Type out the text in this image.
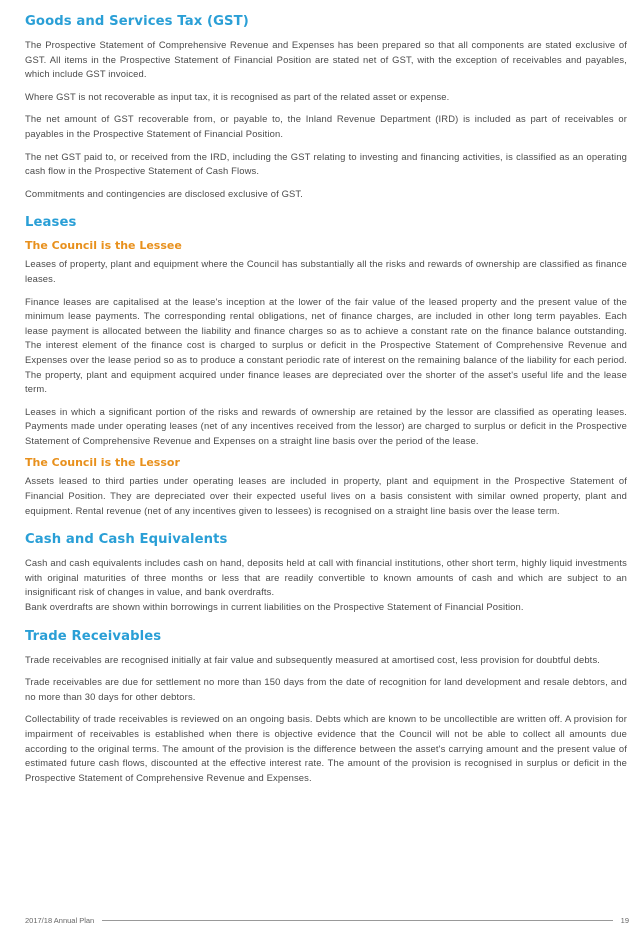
Goods and Services Tax (GST)

The Prospective Statement of Comprehensive Revenue and Expenses has been prepared so that all components are stated exclusive of GST. All items in the Prospective Statement of Financial Position are stated net of GST, with the exception of receivables and payables, which include GST invoiced.

Where GST is not recoverable as input tax, it is recognised as part of the related asset or expense.

The net amount of GST recoverable from, or payable to, the Inland Revenue Department (IRD) is included as part of receivables or payables in the Prospective Statement of Financial Position.

The net GST paid to, or received from the IRD, including the GST relating to investing and financing activities, is classified as an operating cash flow in the Prospective Statement of Cash Flows.

Commitments and contingencies are disclosed exclusive of GST.

Leases
The Council is the Lessee

Leases of property, plant and equipment where the Council has substantially all the risks and rewards of ownership are classified as finance leases.

Finance leases are capitalised at the lease's inception at the lower of the fair value of the leased property and the present value of the minimum lease payments. The corresponding rental obligations, net of finance charges, are included in other long term payables. Each lease payment is allocated between the liability and finance charges so as to achieve a constant rate on the finance balance outstanding. The interest element of the finance cost is charged to surplus or deficit in the Prospective Statement of Comprehensive Revenue and Expenses over the lease period so as to produce a constant periodic rate of interest on the remaining balance of the liability for each period. The property, plant and equipment acquired under finance leases are depreciated over the shorter of the asset's useful life and the lease term.

Leases in which a significant portion of the risks and rewards of ownership are retained by the lessor are classified as operating leases. Payments made under operating leases (net of any incentives received from the lessor) are charged to surplus or deficit in the Prospective Statement of Comprehensive Revenue and Expenses on a straight line basis over the period of the lease.

The Council is the Lessor

Assets leased to third parties under operating leases are included in property, plant and equipment in the Prospective Statement of Financial Position. They are depreciated over their expected useful lives on a basis consistent with similar owned property, plant and equipment. Rental revenue (net of any incentives given to lessees) is recognised on a straight line basis over the lease term.

Cash and Cash Equivalents

Cash and cash equivalents includes cash on hand, deposits held at call with financial institutions, other short term, highly liquid investments with original maturities of three months or less that are readily convertible to known amounts of cash and which are subject to an insignificant risk of changes in value, and bank overdrafts.

Bank overdrafts are shown within borrowings in current liabilities on the Prospective Statement of Financial Position.

Trade Receivables

Trade receivables are recognised initially at fair value and subsequently measured at amortised cost, less provision for doubtful debts.

Trade receivables are due for settlement no more than 150 days from the date of recognition for land development and resale debtors, and no more than 30 days for other debtors.

Collectability of trade receivables is reviewed on an ongoing basis. Debts which are known to be uncollectible are written off. A provision for impairment of receivables is established when there is objective evidence that the Council will not be able to collect all amounts due according to the original terms. The amount of the provision is the difference between the asset's carrying amount and the present value of estimated future cash flows, discounted at the effective interest rate. The amount of the provision is recognised in surplus or deficit in the Prospective Statement of Comprehensive Revenue and Expenses.

2017/18 Annual Plan	19
